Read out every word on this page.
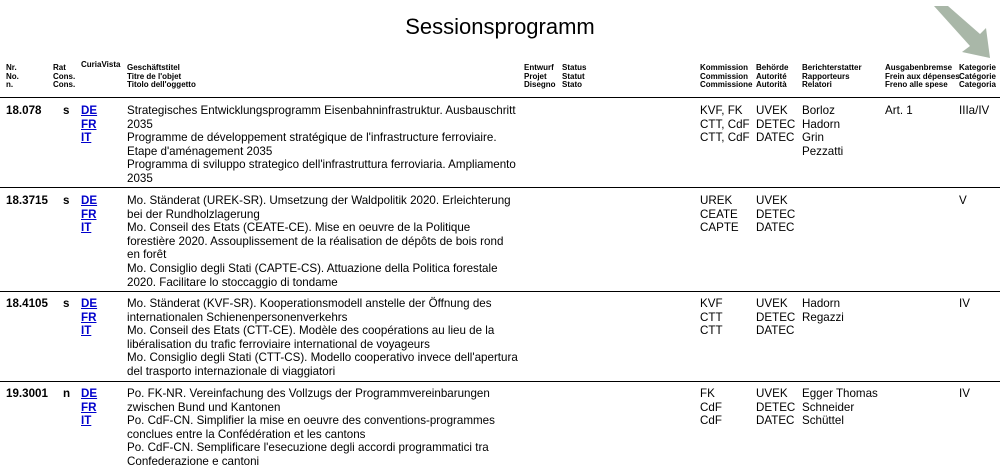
Sessionsprogramm
Nr.
No.
n.
Rat
Cons.
Cons.
CuriaVista Geschäftstitel
Titre de l'objet
Titolo dell'oggetto
Entwurf
Projet
Disegno
Status
Statut
Stato
Kommission
Commission
Commissione
Behörde
Autorité
Autorità
Berichterstatter
Rapporteurs
Relatori
Ausgabenbremse
Frein aux dépenses
Freno alle spese
Kategorie
Catégorie
Categoria
18.078 s DE
FR
IT
Strategisches Entwicklungsprogramm Eisenbahninfrastruktur. Ausbauschritt
2035
Programme de développement stratégique de l'infrastructure ferroviaire.
Etape d'aménagement 2035
Programma di sviluppo strategico dell'infrastruttura ferroviaria. Ampliamento
2035
KVF, FK
CTT, CdF
CTT, CdF
UVEK
DETEC
DATEC
Borloz
Hadorn
Grin
Pezzatti
Art. 1	IIIa/IV
18.3715 s DE
FR
IT
Mo. Ständerat (UREK-SR). Umsetzung der Waldpolitik 2020. Erleichterung
bei der Rundholzlagerung
Mo. Conseil des Etats (CEATE-CE). Mise en oeuvre de la Politique
forestière 2020. Assouplissement de la réalisation de dépôts de bois rond
en forêt
Mo. Consiglio degli Stati (CAPTE-CS). Attuazione della Politica forestale
2020. Facilitare lo stoccaggio di tondame
UREK
CEATE
CAPTE
UVEK
DETEC
DATEC
V
18.4105 s DE
FR
IT
Mo. Ständerat (KVF-SR). Kooperationsmodell anstelle der Öffnung des
internationalen Schienenpersonenverkehrs
Mo. Conseil des Etats (CTT-CE). Modèle des coopérations au lieu de la
libéralisation du trafic ferroviaire international de voyageurs
Mo. Consiglio degli Stati (CTT-CS). Modello cooperativo invece dell'apertura
del trasporto internazionale di viaggiatori
KVF
CTT
CTT
UVEK
DETEC
DATEC
Hadorn
Regazzi
IV
19.3001 n DE
FR
IT
Po. FK-NR. Vereinfachung des Vollzugs der Programmvereinbarungen
zwischen Bund und Kantonen
Po. CdF-CN. Simplifier la mise en oeuvre des conventions-programmes
conclues entre la Confédération et les cantons
Po. CdF-CN. Semplificare l'esecuzione degli accordi programmatici tra
Confederazione e cantoni
FK
CdF
CdF
UVEK
DETEC
DATEC
Egger Thomas
Schneider
Schüttel
IV
